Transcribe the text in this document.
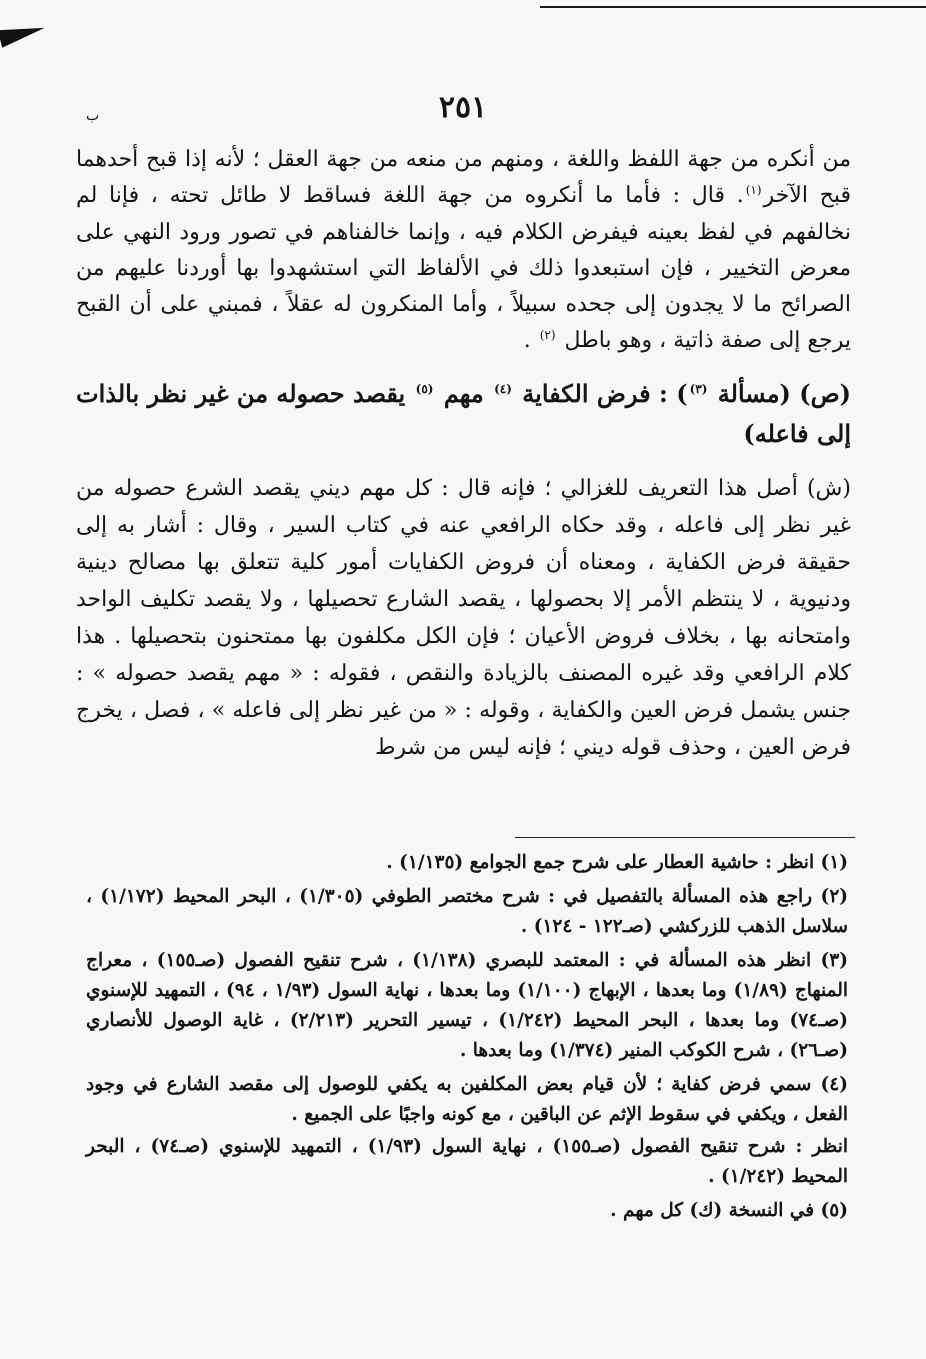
ب	٢٥١

من أنكره من جهة اللفظ واللغة ، ومنهم من منعه من جهة العقل ؛ لأنه إذا قبح أحدهما قبح الآخر$^{(١)}$. قال : فأما ما أنكروه من جهة اللغة فساقط لا طائل تحته ، فإنا لم نخالفهم في لفظ بعينه فيفرض الكلام فيه ، وإنما خالفناهم في تصور ورود النهي على معرض التخيير ، فإن استبعدوا ذلك في الألفاظ التي استشهدوا بها أوردنا عليهم من الصرائح ما لا يجدون إلى جحده سبيلاً ، وأما المنكرون له عقلاً ، فمبني على أن القبح يرجع إلى صفة ذاتية ، وهو باطل $^{(٢)}$ .

(ص) (مسألة $^{(٣)}$) : فرض الكفاية $^{(٤)}$ مهم $^{(٥)}$ يقصد حصوله من غير نظر بالذات إلى فاعله)

(ش) أصل هذا التعريف للغزالي ؛ فإنه قال : كل مهم ديني يقصد الشرع حصوله من غير نظر إلى فاعله ، وقد حكاه الرافعي عنه في كتاب السير ، وقال : أشار به إلى حقيقة فرض الكفاية ، ومعناه أن فروض الكفايات أمور كلية تتعلق بها مصالح دينية ودنيوية ، لا ينتظم الأمر إلا بحصولها ، يقصد الشارع تحصيلها ، ولا يقصد تكليف الواحد وامتحانه بها ، بخلاف فروض الأعيان ؛ فإن الكل مكلفون بها ممتحنون بتحصيلها . هذا كلام الرافعي وقد غيره المصنف بالزيادة والنقص ، فقوله : « مهم يقصد حصوله » : جنس يشمل فرض العين والكفاية ، وقوله : « من غير نظر إلى فاعله » ، فصل ، يخرج فرض العين ، وحذف قوله ديني ؛ فإنه ليس من شرط

(١) انظر : حاشية العطار على شرح جمع الجوامع (١/١٣٥) .

(٢) راجع هذه المسألة بالتفصيل في : شرح مختصر الطوفي (١/٣٠٥) ، البحر المحيط (١/١٧٢) ، سلاسل الذهب للزركشي (صـ١٢٢ - ١٢٤) .

(٣) انظر هذه المسألة في : المعتمد للبصري (١/١٣٨) ، شرح تنقيح الفصول (صـ١٥٥) ، معراج المنهاج (١/٨٩) وما بعدها ، الإبهاج (١/١٠٠) وما بعدها ، نهاية السول (١/٩٣ ، ٩٤) ، التمهيد للإسنوي (صـ٧٤) وما بعدها ، البحر المحيط (١/٢٤٢) ، تيسير التحرير (٢/٢١٣) ، غاية الوصول للأنصاري (صـ٢٦) ، شرح الكوكب المنير (١/٣٧٤) وما بعدها .

(٤) سمي فرض كفاية ؛ لأن قيام بعض المكلفين به يكفي للوصول إلى مقصد الشارع في وجود الفعل ، ويكفي في سقوط الإثم عن الباقين ، مع كونه واجبًا على الجميع .

انظر : شرح تنقيح الفصول (صـ١٥٥) ، نهاية السول (١/٩٣) ، التمهيد للإسنوي (صـ٧٤) ، البحر المحيط (١/٢٤٢) .

(٥) في النسخة (ك) كل مهم .
